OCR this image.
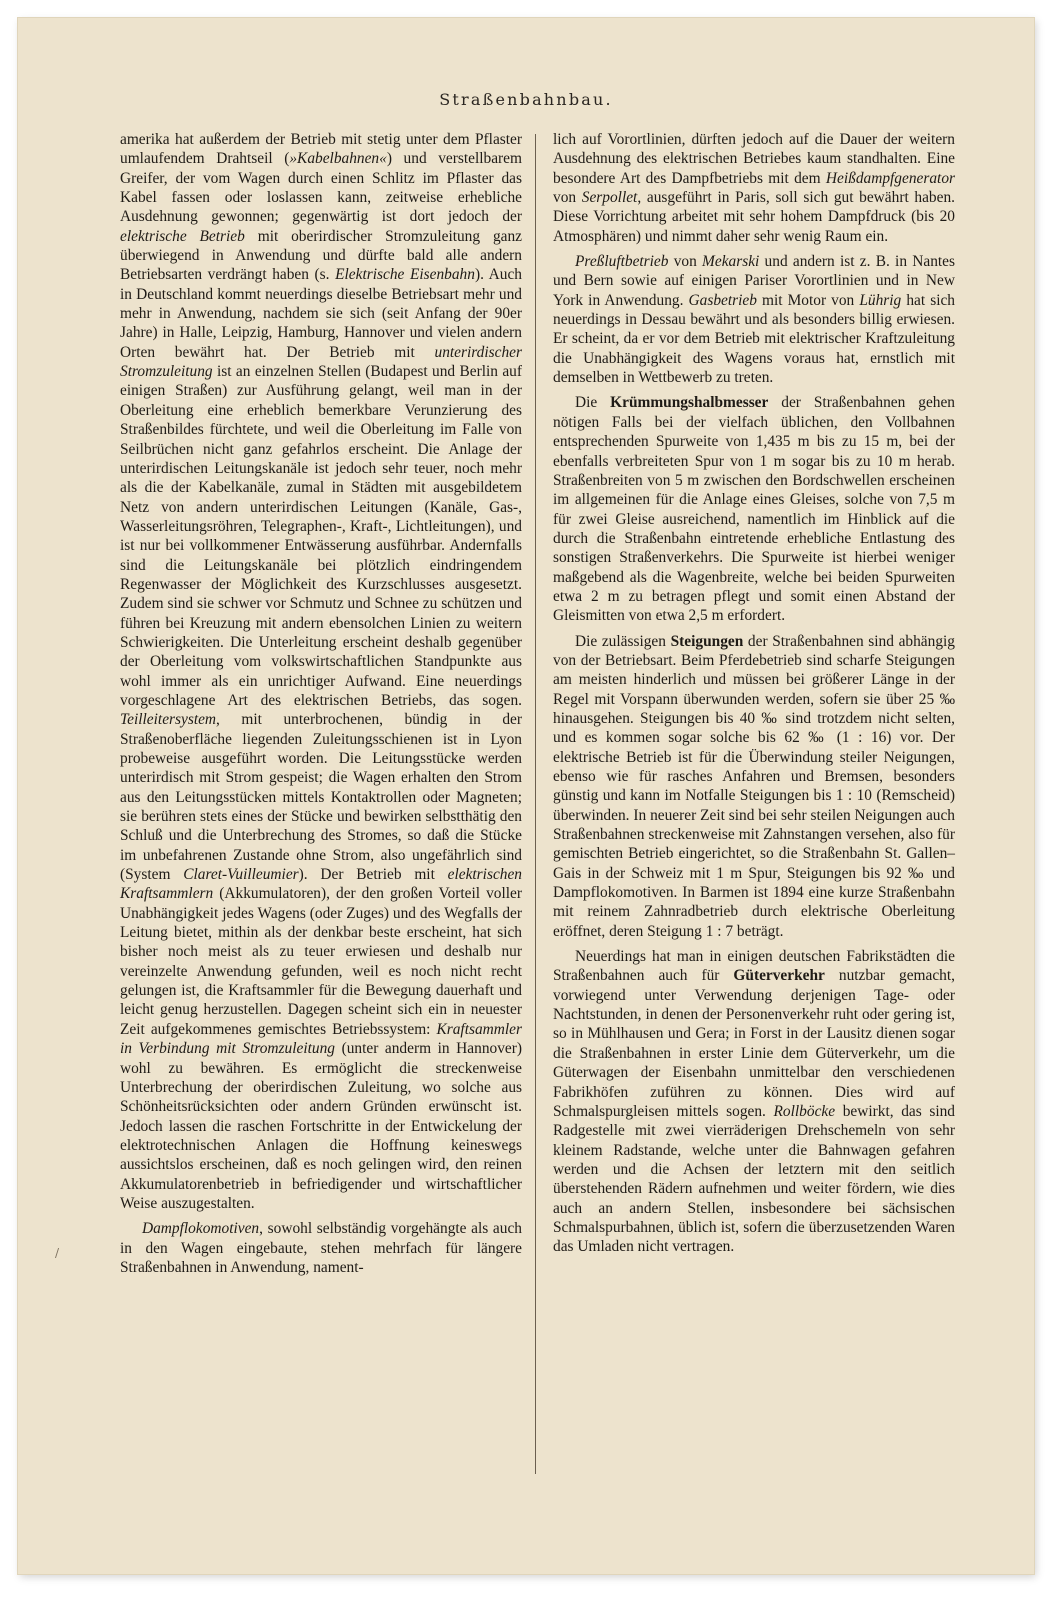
Straßenbahnbau.

amerika hat außerdem der Betrieb mit stetig unter dem Pflaster umlaufendem Drahtseil (»Kabelbahnen«) und verstellbarem Greifer, der vom Wagen durch einen Schlitz im Pflaster das Kabel fassen oder loslassen kann, zeitweise erhebliche Ausdehnung gewonnen; gegenwärtig ist dort jedoch der elektrische Betrieb mit oberirdischer Stromzuleitung ganz überwiegend in Anwendung und dürfte bald alle andern Betriebsarten verdrängt haben (s. Elektrische Eisenbahn). Auch in Deutschland kommt neuerdings dieselbe Betriebsart mehr und mehr in Anwendung, nachdem sie sich (seit Anfang der 90er Jahre) in Halle, Leipzig, Hamburg, Hannover und vielen andern Orten bewährt hat. Der Betrieb mit unterirdischer Stromzuleitung ist an einzelnen Stellen (Budapest und Berlin auf einigen Straßen) zur Ausführung gelangt, weil man in der Oberleitung eine erheblich bemerkbare Verunzierung des Straßenbildes fürchtete, und weil die Oberleitung im Falle von Seilbrüchen nicht ganz gefahrlos erscheint. Die Anlage der unterirdischen Leitungskanäle ist jedoch sehr teuer, noch mehr als die der Kabelkanäle, zumal in Städten mit ausgebildetem Netz von andern unterirdischen Leitungen (Kanäle, Gas-, Wasserleitungsröhren, Telegraphen-, Kraft-, Lichtleitungen), und ist nur bei vollkommener Entwässerung ausführbar. Andernfalls sind die Leitungskanäle bei plötzlich eindringendem Regenwasser der Möglichkeit des Kurzschlusses ausgesetzt. Zudem sind sie schwer vor Schmutz und Schnee zu schützen und führen bei Kreuzung mit andern ebensolchen Linien zu weitern Schwierigkeiten. Die Unterleitung erscheint deshalb gegenüber der Oberleitung vom volkswirtschaftlichen Standpunkte aus wohl immer als ein unrichtiger Aufwand. Eine neuerdings vorgeschlagene Art des elektrischen Betriebs, das sogen. Teilleitersystem, mit unterbrochenen, bündig in der Straßenoberfläche liegenden Zuleitungsschienen ist in Lyon probeweise ausgeführt worden. Die Leitungsstücke werden unterirdisch mit Strom gespeist; die Wagen erhalten den Strom aus den Leitungsstücken mittels Kontaktrollen oder Magneten; sie berühren stets eines der Stücke und bewirken selbstthätig den Schluß und die Unterbrechung des Stromes, so daß die Stücke im unbefahrenen Zustande ohne Strom, also ungefährlich sind (System Claret-Vuilleumier). Der Betrieb mit elektrischen Kraftsammlern (Akkumulatoren), der den großen Vorteil voller Unabhängigkeit jedes Wagens (oder Zuges) und des Wegfalls der Leitung bietet, mithin als der denkbar beste erscheint, hat sich bisher noch meist als zu teuer erwiesen und deshalb nur vereinzelte Anwendung gefunden, weil es noch nicht recht gelungen ist, die Kraftsammler für die Bewegung dauerhaft und leicht genug herzustellen. Dagegen scheint sich ein in neuester Zeit aufgekommenes gemischtes Betriebssystem: Kraftsammler in Verbindung mit Stromzuleitung (unter anderm in Hannover) wohl zu bewähren. Es ermöglicht die streckenweise Unterbrechung der oberirdischen Zuleitung, wo solche aus Schönheitsrücksichten oder andern Gründen erwünscht ist. Jedoch lassen die raschen Fortschritte in der Entwickelung der elektrotechnischen Anlagen die Hoffnung keineswegs aussichtslos erscheinen, daß es noch gelingen wird, den reinen Akkumulatorenbetrieb in befriedigender und wirtschaftlicher Weise auszugestalten.

Dampflokomotiven, sowohl selbständig vorgehängte als auch in den Wagen eingebaute, stehen mehrfach für längere Straßenbahnen in Anwendung, nament-

lich auf Vorortlinien, dürften jedoch auf die Dauer der weitern Ausdehnung des elektrischen Betriebes kaum standhalten. Eine besondere Art des Dampfbetriebs mit dem Heißdampfgenerator von Serpollet, ausgeführt in Paris, soll sich gut bewährt haben. Diese Vorrichtung arbeitet mit sehr hohem Dampfdruck (bis 20 Atmosphären) und nimmt daher sehr wenig Raum ein.

Preßluftbetrieb von Mekarski und andern ist z. B. in Nantes und Bern sowie auf einigen Pariser Vorortlinien und in New York in Anwendung. Gasbetrieb mit Motor von Lührig hat sich neuerdings in Dessau bewährt und als besonders billig erwiesen. Er scheint, da er vor dem Betrieb mit elektrischer Kraftzuleitung die Unabhängigkeit des Wagens voraus hat, ernstlich mit demselben in Wettbewerb zu treten.

Die Krümmungshalbmesser der Straßenbahnen gehen nötigen Falls bei der vielfach üblichen, den Vollbahnen entsprechenden Spurweite von 1,435 m bis zu 15 m, bei der ebenfalls verbreiteten Spur von 1 m sogar bis zu 10 m herab. Straßenbreiten von 5 m zwischen den Bordschwellen erscheinen im allgemeinen für die Anlage eines Gleises, solche von 7,5 m für zwei Gleise ausreichend, namentlich im Hinblick auf die durch die Straßenbahn eintretende erhebliche Entlastung des sonstigen Straßenverkehrs. Die Spurweite ist hierbei weniger maßgebend als die Wagenbreite, welche bei beiden Spurweiten etwa 2 m zu betragen pflegt und somit einen Abstand der Gleismitten von etwa 2,5 m erfordert.

Die zulässigen Steigungen der Straßenbahnen sind abhängig von der Betriebsart. Beim Pferdebetrieb sind scharfe Steigungen am meisten hinderlich und müssen bei größerer Länge in der Regel mit Vorspann überwunden werden, sofern sie über 25 ‰ hinausgehen. Steigungen bis 40 ‰ sind trotzdem nicht selten, und es kommen sogar solche bis 62 ‰ (1 : 16) vor. Der elektrische Betrieb ist für die Überwindung steiler Neigungen, ebenso wie für rasches Anfahren und Bremsen, besonders günstig und kann im Notfalle Steigungen bis 1 : 10 (Remscheid) überwinden. In neuerer Zeit sind bei sehr steilen Neigungen auch Straßenbahnen streckenweise mit Zahnstangen versehen, also für gemischten Betrieb eingerichtet, so die Straßenbahn St. Gallen–Gais in der Schweiz mit 1 m Spur, Steigungen bis 92 ‰ und Dampflokomotiven. In Barmen ist 1894 eine kurze Straßenbahn mit reinem Zahnradbetrieb durch elektrische Oberleitung eröffnet, deren Steigung 1 : 7 beträgt.

Neuerdings hat man in einigen deutschen Fabrikstädten die Straßenbahnen auch für Güterverkehr nutzbar gemacht, vorwiegend unter Verwendung derjenigen Tage- oder Nachtstunden, in denen der Personenverkehr ruht oder gering ist, so in Mühlhausen und Gera; in Forst in der Lausitz dienen sogar die Straßenbahnen in erster Linie dem Güterverkehr, um die Güterwagen der Eisenbahn unmittelbar den verschiedenen Fabrikhöfen zuführen zu können. Dies wird auf Schmalspurgleisen mittels sogen. Rollböcke bewirkt, das sind Radgestelle mit zwei vierräderigen Drehschemeln von sehr kleinem Radstande, welche unter die Bahnwagen gefahren werden und die Achsen der letztern mit den seitlich überstehenden Rädern aufnehmen und weiter fördern, wie dies auch an andern Stellen, insbesondere bei sächsischen Schmalspurbahnen, üblich ist, sofern die überzusetzenden Waren das Umladen nicht vertragen.

/
